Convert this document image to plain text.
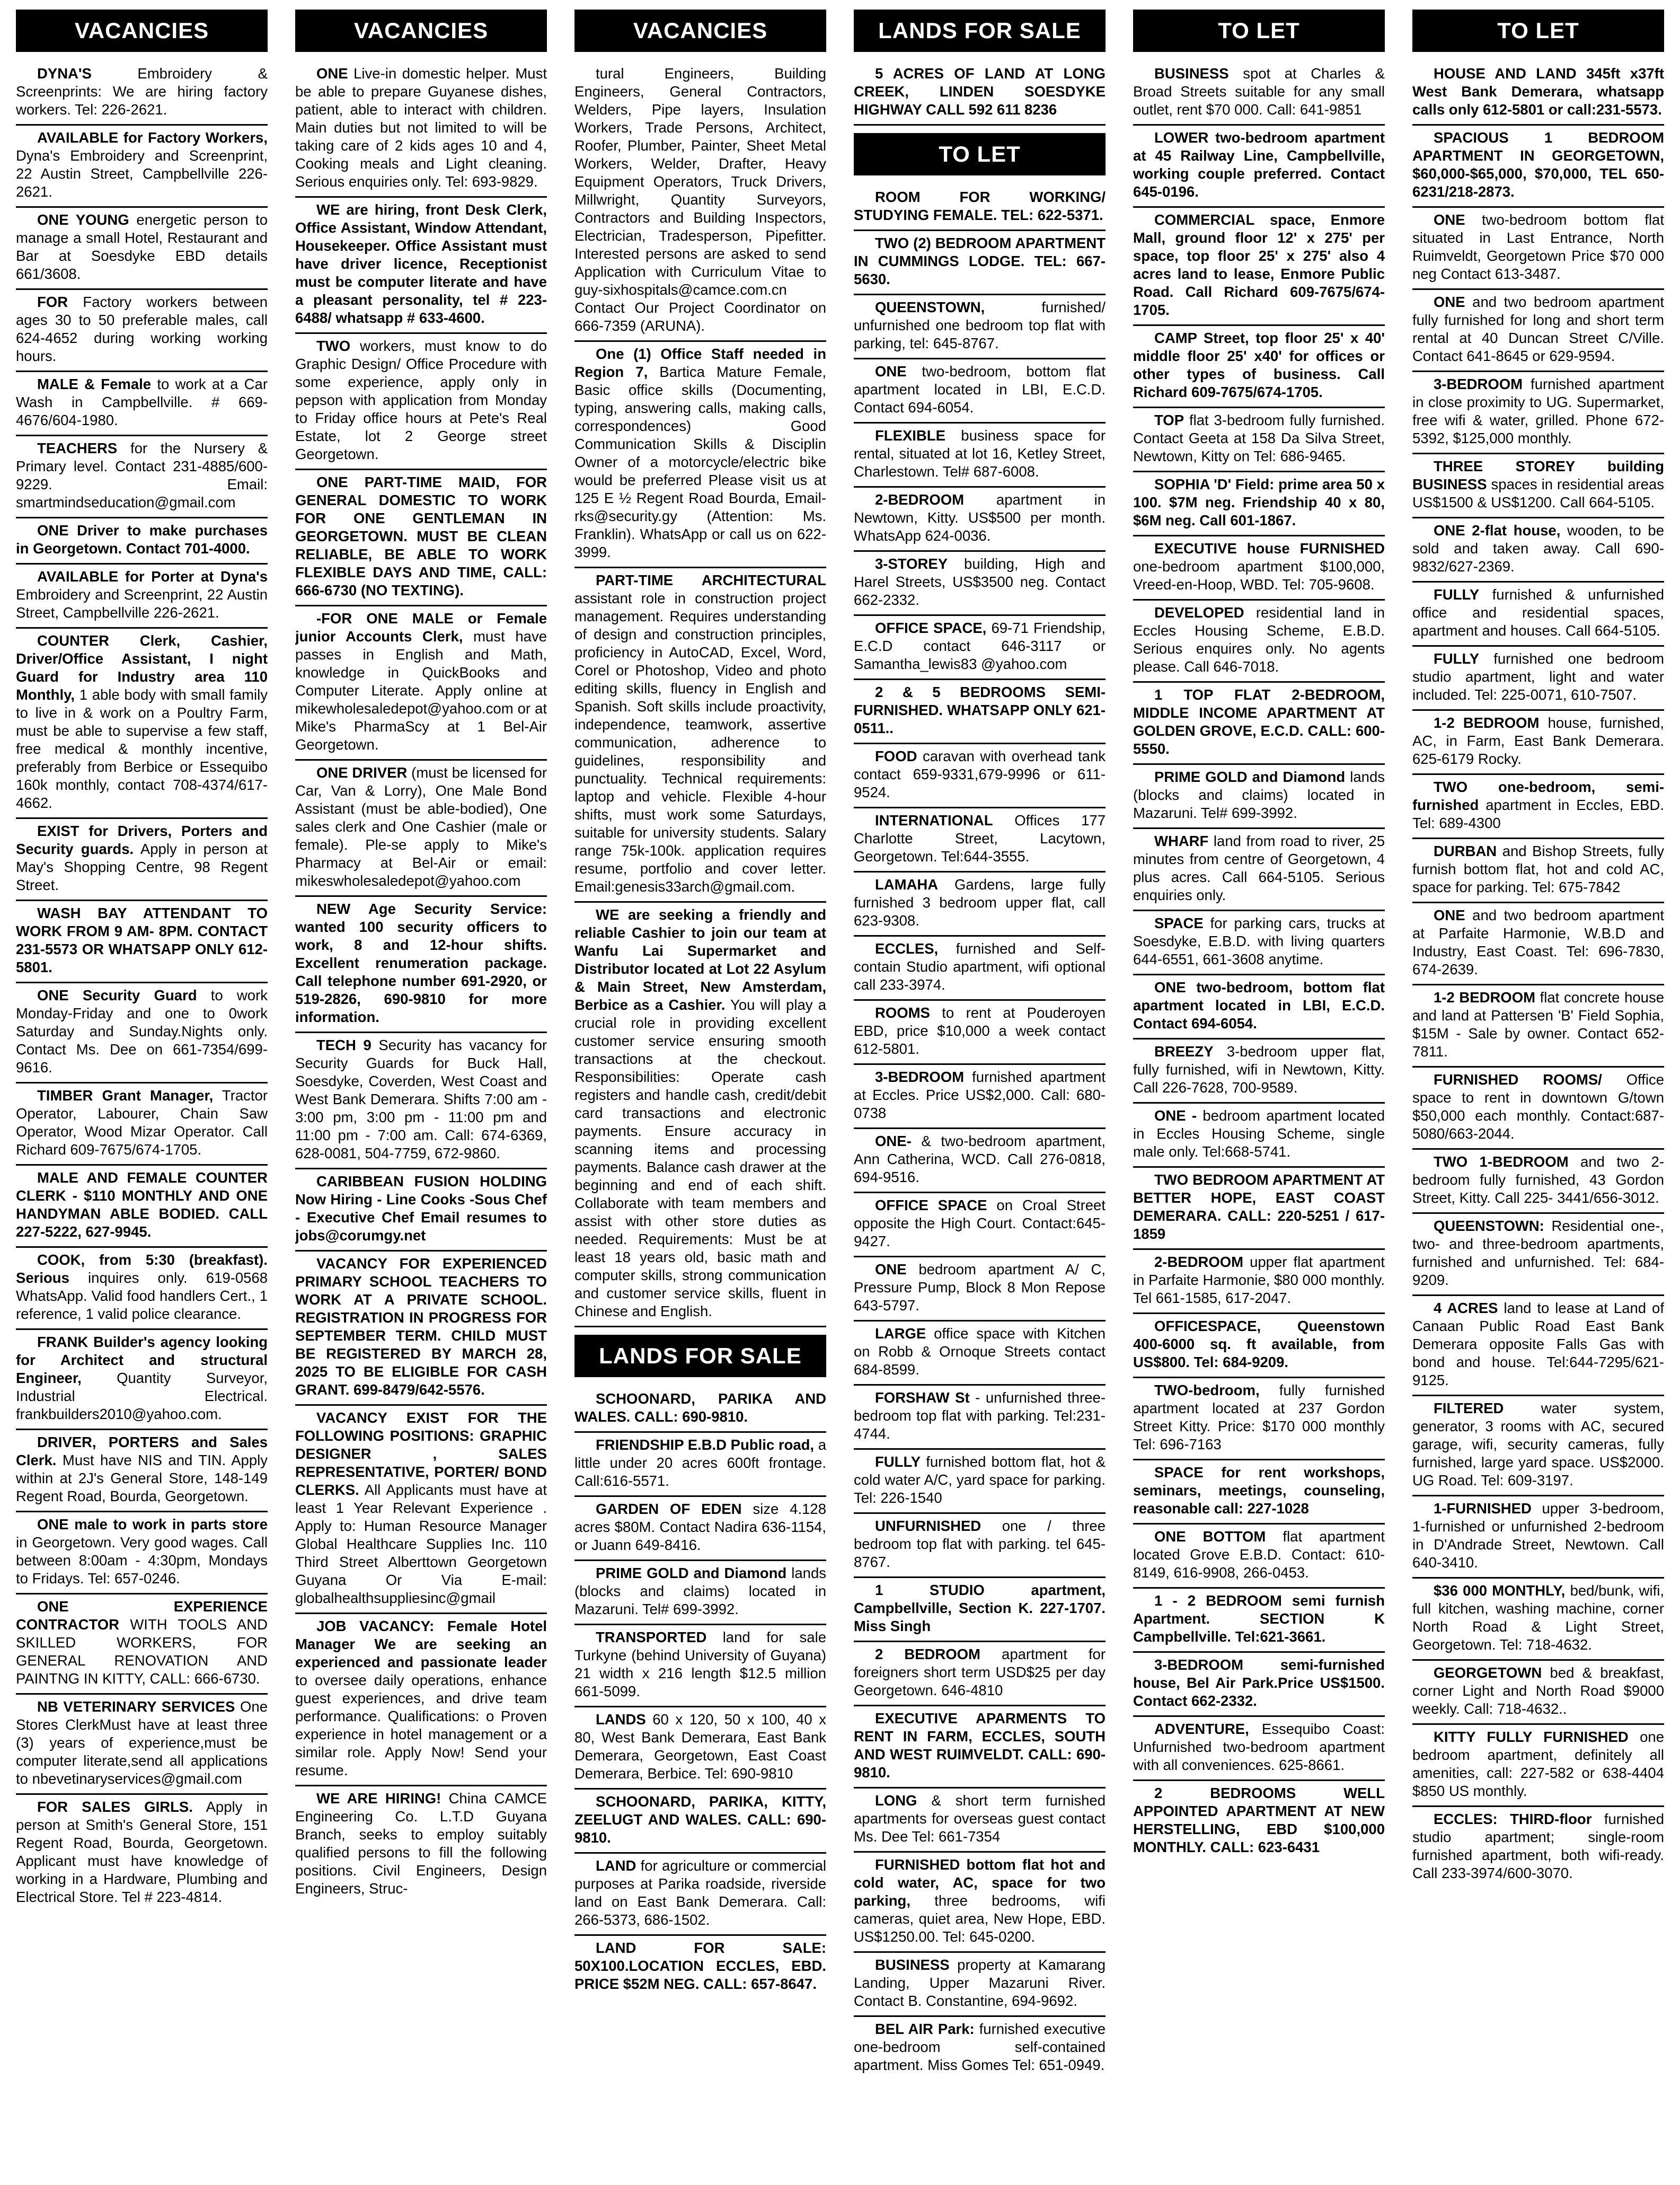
VACANCIES

DYNA'S Embroidery & Screenprints: We are hiring factory workers. Tel: 226-2621.

AVAILABLE for Factory Workers, Dyna's Embroidery and Screenprint, 22 Austin Street, Campbellville 226-2621.

ONE YOUNG energetic person to manage a small Hotel, Restaurant and Bar at Soesdyke EBD details 661/3608.

FOR Factory workers between ages 30 to 50 preferable males, call 624-4652 during working working hours.

MALE & Female to work at a Car Wash in Campbellville. # 669-4676/604-1980.

TEACHERS for the Nursery & Primary level. Contact 231-4885/600-9229. Email: smartmindseducation@gmail.com

ONE Driver to make purchases in Georgetown. Contact 701-4000.

AVAILABLE for Porter at Dyna's Embroidery and Screenprint, 22 Austin Street, Campbellville 226-2621.

COUNTER Clerk, Cashier, Driver/Office Assistant, I night Guard for Industry area 110 Monthly, 1 able body with small family to live in & work on a Poultry Farm, must be able to supervise a few staff, free medical & monthly incentive, preferably from Berbice or Essequibo 160k monthly, contact 708-4374/617-4662.

EXIST for Drivers, Porters and Security guards. Apply in person at May's Shopping Centre, 98 Regent Street.

WASH BAY ATTENDANT TO WORK FROM 9 AM- 8PM. CONTACT 231-5573 OR WHATSAPP ONLY 612-5801.

ONE Security Guard to work Monday-Friday and one to 0work Saturday and Sunday.Nights only. Contact Ms. Dee on 661-7354/699-9616.

TIMBER Grant Manager, Tractor Operator, Labourer, Chain Saw Operator, Wood Mizar Operator. Call Richard 609-7675/674-1705.

MALE AND FEMALE COUNTER CLERK - $110 MONTHLY AND ONE HANDYMAN ABLE BODIED. CALL 227-5222, 627-9945.

COOK, from 5:30 (breakfast). Serious inquires only. 619-0568 WhatsApp. Valid food handlers Cert., 1 reference, 1 valid police clearance.

FRANK Builder's agency looking for Architect and structural Engineer, Quantity Surveyor, Industrial Electrical. frankbuilders2010@yahoo.com.

DRIVER, PORTERS and Sales Clerk. Must have NIS and TIN. Apply within at 2J's General Store, 148-149 Regent Road, Bourda, Georgetown.

ONE male to work in parts store in Georgetown. Very good wages. Call between 8:00am - 4:30pm, Mondays to Fridays. Tel: 657-0246.

ONE EXPERIENCE CONTRACTOR WITH TOOLS AND SKILLED WORKERS, FOR GENERAL RENOVATION AND PAINTNG IN KITTY, CALL: 666-6730.

NB VETERINARY SERVICES One Stores ClerkMust have at least three (3) years of experience,must be computer literate,send all applications to nbevetinaryservices@gmail.com

FOR SALES GIRLS. Apply in person at Smith's General Store, 151 Regent Road, Bourda, Georgetown. Applicant must have knowledge of working in a Hardware, Plumbing and Electrical Store. Tel # 223-4814.

VACANCIES

ONE Live-in domestic helper. Must be able to prepare Guyanese dishes, patient, able to interact with children. Main duties but not limited to will be taking care of 2 kids ages 10 and 4, Cooking meals and Light cleaning. Serious enquiries only. Tel: 693-9829.

WE are hiring, front Desk Clerk, Office Assistant, Window Attendant, Housekeeper. Office Assistant must have driver licence, Receptionist must be computer literate and have a pleasant personality, tel # 223-6488/ whatsapp # 633-4600.

TWO workers, must know to do Graphic Design/ Office Procedure with some experience, apply only in pepson with application from Monday to Friday office hours at Pete's Real Estate, lot 2 George street Georgetown.

ONE PART-TIME MAID, FOR GENERAL DOMESTIC TO WORK FOR ONE GENTLEMAN IN GEORGETOWN. MUST BE CLEAN RELIABLE, BE ABLE TO WORK FLEXIBLE DAYS AND TIME, CALL: 666-6730 (NO TEXTING).

-FOR ONE MALE or Female junior Accounts Clerk, must have passes in English and Math, knowledge in QuickBooks and Computer Literate. Apply online at mikewholesaledepot@yahoo.com or at Mike's PharmaScy at 1 Bel-Air Georgetown.

ONE DRIVER (must be licensed for Car, Van & Lorry), One Male Bond Assistant (must be able-bodied), One sales clerk and One Cashier (male or female). Ple-se apply to Mike's Pharmacy at Bel-Air or email: mikeswholesaledepot@yahoo.com

NEW Age Security Service: wanted 100 security officers to work, 8 and 12-hour shifts. Excellent renumeration package. Call telephone number 691-2920, or 519-2826, 690-9810 for more information.

TECH 9 Security has vacancy for Security Guards for Buck Hall, Soesdyke, Coverden, West Coast and West Bank Demerara. Shifts 7:00 am - 3:00 pm, 3:00 pm - 11:00 pm and 11:00 pm - 7:00 am. Call: 674-6369, 628-0081, 504-7759, 672-9860.

CARIBBEAN FUSION HOLDING Now Hiring - Line Cooks -Sous Chef - Executive Chef Email resumes to jobs@corumgy.net

VACANCY FOR EXPERIENCED PRIMARY SCHOOL TEACHERS TO WORK AT A PRIVATE SCHOOL. REGISTRATION IN PROGRESS FOR SEPTEMBER TERM. CHILD MUST BE REGISTERED BY MARCH 28, 2025 TO BE ELIGIBLE FOR CASH GRANT. 699-8479/642-5576.

VACANCY EXIST FOR THE FOLLOWING POSITIONS: GRAPHIC DESIGNER , SALES REPRESENTATIVE, PORTER/ BOND CLERKS. All Applicants must have at least 1 Year Relevant Experience . Apply to: Human Resource Manager Global Healthcare Supplies Inc. 110 Third Street Alberttown Georgetown Guyana Or Via E-mail: globalhealthsuppliesinc@gmail

JOB VACANCY: Female Hotel Manager We are seeking an experienced and passionate leader to oversee daily operations, enhance guest experiences, and drive team performance. Qualifications: o Proven experience in hotel management or a similar role. Apply Now! Send your resume.

WE ARE HIRING! China CAMCE Engineering Co. L.T.D Guyana Branch, seeks to employ suitably qualified persons to fill the following positions. Civil Engineers, Design Engineers, Struc-

VACANCIES

tural Engineers, Building Engineers, General Contractors, Welders, Pipe layers, Insulation Workers, Trade Persons, Architect, Roofer, Plumber, Painter, Sheet Metal Workers, Welder, Drafter, Heavy Equipment Operators, Truck Drivers, Millwright, Quantity Surveyors, Contractors and Building Inspectors, Electrician, Tradesperson, Pipefitter. Interested persons are asked to send Application with Curriculum Vitae to guy-sixhospitals@camce.com.cn Contact Our Project Coordinator on 666-7359 (ARUNA).

One (1) Office Staff needed in Region 7, Bartica Mature Female, Basic office skills (Documenting, typing, answering calls, making calls, correspondences) Good Communication Skills & Disciplin Owner of a motorcycle/electric bike would be preferred Please visit us at 125 E ½ Regent Road Bourda, Email-rks@security.gy (Attention: Ms. Franklin). WhatsApp or call us on 622-3999.

PART-TIME ARCHITECTURAL assistant role in construction project management. Requires understanding of design and construction principles, proficiency in AutoCAD, Excel, Word, Corel or Photoshop, Video and photo editing skills, fluency in English and Spanish. Soft skills include proactivity, independence, teamwork, assertive communication, adherence to guidelines, responsibility and punctuality. Technical requirements: laptop and vehicle. Flexible 4-hour shifts, must work some Saturdays, suitable for university students. Salary range 75k-100k. application requires resume, portfolio and cover letter. Email:genesis33arch@gmail.com.

WE are seeking a friendly and reliable Cashier to join our team at Wanfu Lai Supermarket and Distributor located at Lot 22 Asylum & Main Street, New Amsterdam, Berbice as a Cashier. You will play a crucial role in providing excellent customer service ensuring smooth transactions at the checkout. Responsibilities: Operate cash registers and handle cash, credit/debit card transactions and electronic payments. Ensure accuracy in scanning items and processing payments. Balance cash drawer at the beginning and end of each shift. Collaborate with team members and assist with other store duties as needed. Requirements: Must be at least 18 years old, basic math and computer skills, strong communication and customer service skills, fluent in Chinese and English.

LANDS FOR SALE

SCHOONARD, PARIKA AND WALES. CALL: 690-9810.

FRIENDSHIP E.B.D Public road, a little under 20 acres 600ft frontage. Call:616-5571.

GARDEN OF EDEN size 4.128 acres $80M. Contact Nadira 636-1154, or Juann 649-8416.

PRIME GOLD and Diamond lands (blocks and claims) located in Mazaruni. Tel# 699-3992.

TRANSPORTED land for sale Turkyne (behind University of Guyana) 21 width x 216 length $12.5 million 661-5099.

LANDS 60 x 120, 50 x 100, 40 x 80, West Bank Demerara, East Bank Demerara, Georgetown, East Coast Demerara, Berbice. Tel: 690-9810

SCHOONARD, PARIKA, KITTY, ZEELUGT AND WALES. CALL: 690-9810.

LAND for agriculture or commercial purposes at Parika roadside, riverside land on East Bank Demerara. Call: 266-5373, 686-1502.

LAND FOR SALE: 50X100.LOCATION ECCLES, EBD. PRICE $52M NEG. CALL: 657-8647.

LANDS FOR SALE

5 ACRES OF LAND AT LONG CREEK, LINDEN SOESDYKE HIGHWAY CALL 592 611 8236

TO LET

ROOM FOR WORKING/ STUDYING FEMALE. TEL: 622-5371.

TWO (2) BEDROOM APARTMENT IN CUMMINGS LODGE. TEL: 667-5630.

QUEENSTOWN, furnished/ unfurnished one bedroom top flat with parking, tel: 645-8767.

ONE two-bedroom, bottom flat apartment located in LBI, E.C.D. Contact 694-6054.

FLEXIBLE business space for rental, situated at lot 16, Ketley Street, Charlestown. Tel# 687-6008.

2-BEDROOM apartment in Newtown, Kitty. US$500 per month. WhatsApp 624-0036.

3-STOREY building, High and Harel Streets, US$3500 neg. Contact 662-2332.

OFFICE SPACE, 69-71 Friendship, E.C.D contact 646-3117 or Samantha_lewis83 @yahoo.com

2 & 5 BEDROOMS SEMI-FURNISHED. WHATSAPP ONLY 621-0511..

FOOD caravan with overhead tank contact 659-9331,679-9996 or 611-9524.

INTERNATIONAL Offices 177 Charlotte Street, Lacytown, Georgetown. Tel:644-3555.

LAMAHA Gardens, large fully furnished 3 bedroom upper flat, call 623-9308.

ECCLES, furnished and Self-contain Studio apartment, wifi optional call 233-3974.

ROOMS to rent at Pouderoyen EBD, price $10,000 a week contact 612-5801.

3-BEDROOM furnished apartment at Eccles. Price US$2,000. Call: 680-0738

ONE- & two-bedroom apartment, Ann Catherina, WCD. Call 276-0818, 694-9516.

OFFICE SPACE on Croal Street opposite the High Court. Contact:645-9427.

ONE bedroom apartment A/ C, Pressure Pump, Block 8 Mon Repose 643-5797.

LARGE office space with Kitchen on Robb & Ornoque Streets contact 684-8599.

FORSHAW St - unfurnished three-bedroom top flat with parking. Tel:231-4744.

FULLY furnished bottom flat, hot & cold water A/C, yard space for parking. Tel: 226-1540

UNFURNISHED one / three bedroom top flat with parking. tel 645-8767.

1 STUDIO apartment, Campbellville, Section K. 227-1707. Miss Singh

2 BEDROOM apartment for foreigners short term USD$25 per day Georgetown. 646-4810

EXECUTIVE APARMENTS TO RENT IN FARM, ECCLES, SOUTH AND WEST RUIMVELDT. CALL: 690-9810.

LONG & short term furnished apartments for overseas guest contact Ms. Dee Tel: 661-7354

FURNISHED bottom flat hot and cold water, AC, space for two parking, three bedrooms, wifi cameras, quiet area, New Hope, EBD. US$1250.00. Tel: 645-0200.

BUSINESS property at Kamarang Landing, Upper Mazaruni River. Contact B. Constantine, 694-9692.

BEL AIR Park: furnished executive one-bedroom self-contained apartment. Miss Gomes Tel: 651-0949.

TO LET

BUSINESS spot at Charles & Broad Streets suitable for any small outlet, rent $70 000. Call: 641-9851

LOWER two-bedroom apartment at 45 Railway Line, Campbellville, working couple preferred. Contact 645-0196.

COMMERCIAL space, Enmore Mall, ground floor 12' x 275' per space, top floor 25' x 275' also 4 acres land to lease, Enmore Public Road. Call Richard 609-7675/674-1705.

CAMP Street, top floor 25' x 40' middle floor 25' x40' for offices or other types of business. Call Richard 609-7675/674-1705.

TOP flat 3-bedroom fully furnished. Contact Geeta at 158 Da Silva Street, Newtown, Kitty on Tel: 686-9465.

SOPHIA 'D' Field: prime area 50 x 100. $7M neg. Friendship 40 x 80, $6M neg. Call 601-1867.

EXECUTIVE house FURNISHED one-bedroom apartment $100,000, Vreed-en-Hoop, WBD. Tel: 705-9608.

DEVELOPED residential land in Eccles Housing Scheme, E.B.D. Serious enquires only. No agents please. Call 646-7018.

1 TOP FLAT 2-BEDROOM, MIDDLE INCOME APARTMENT AT GOLDEN GROVE, E.C.D. CALL: 600-5550.

PRIME GOLD and Diamond lands (blocks and claims) located in Mazaruni. Tel# 699-3992.

WHARF land from road to river, 25 minutes from centre of Georgetown, 4 plus acres. Call 664-5105. Serious enquiries only.

SPACE for parking cars, trucks at Soesdyke, E.B.D. with living quarters 644-6551, 661-3608 anytime.

ONE two-bedroom, bottom flat apartment located in LBI, E.C.D. Contact 694-6054.

BREEZY 3-bedroom upper flat, fully furnished, wifi in Newtown, Kitty. Call 226-7628, 700-9589.

ONE - bedroom apartment located in Eccles Housing Scheme, single male only. Tel:668-5741.

TWO BEDROOM APARTMENT AT BETTER HOPE, EAST COAST DEMERARA. CALL: 220-5251 / 617-1859

2-BEDROOM upper flat apartment in Parfaite Harmonie, $80 000 monthly. Tel 661-1585, 617-2047.

OFFICESPACE, Queenstown 400-6000 sq. ft available, from US$800. Tel: 684-9209.

TWO-bedroom, fully furnished apartment located at 237 Gordon Street Kitty. Price: $170 000 monthly Tel: 696-7163

SPACE for rent workshops, seminars, meetings, counseling, reasonable call: 227-1028

ONE BOTTOM flat apartment located Grove E.B.D. Contact: 610-8149, 616-9908, 266-0453.

1 - 2 BEDROOM semi furnish Apartment. SECTION K Campbellville. Tel:621-3661.

3-BEDROOM semi-furnished house, Bel Air Park.Price US$1500. Contact 662-2332.

ADVENTURE, Essequibo Coast: Unfurnished two-bedroom apartment with all conveniences. 625-8661.

2 BEDROOMS WELL APPOINTED APARTMENT AT NEW HERSTELLING, EBD $100,000 MONTHLY. CALL: 623-6431

TO LET

HOUSE AND LAND 345ft x37ft West Bank Demerara, whatsapp calls only 612-5801 or call:231-5573.

SPACIOUS 1 BEDROOM APARTMENT IN GEORGETOWN, $60,000-$65,000, $70,000, TEL 650-6231/218-2873.

ONE two-bedroom bottom flat situated in Last Entrance, North Ruimveldt, Georgetown Price $70 000 neg Contact 613-3487.

ONE and two bedroom apartment fully furnished for long and short term rental at 40 Duncan Street C/Ville. Contact 641-8645 or 629-9594.

3-BEDROOM furnished apartment in close proximity to UG. Supermarket, free wifi & water, grilled. Phone 672-5392, $125,000 monthly.

THREE STOREY building BUSINESS spaces in residential areas US$1500 & US$1200. Call 664-5105.

ONE 2-flat house, wooden, to be sold and taken away. Call 690-9832/627-2369.

FULLY furnished & unfurnished office and residential spaces, apartment and houses. Call 664-5105.

FULLY furnished one bedroom studio apartment, light and water included. Tel: 225-0071, 610-7507.

1-2 BEDROOM house, furnished, AC, in Farm, East Bank Demerara. 625-6179 Rocky.

TWO one-bedroom, semi-furnished apartment in Eccles, EBD. Tel: 689-4300

DURBAN and Bishop Streets, fully furnish bottom flat, hot and cold AC, space for parking. Tel: 675-7842

ONE and two bedroom apartment at Parfaite Harmonie, W.B.D and Industry, East Coast. Tel: 696-7830, 674-2639.

1-2 BEDROOM flat concrete house and land at Pattersen 'B' Field Sophia, $15M - Sale by owner. Contact 652-7811.

FURNISHED ROOMS/ Office space to rent in downtown G/town $50,000 each monthly. Contact:687-5080/663-2044.

TWO 1-BEDROOM and two 2-bedroom fully furnished, 43 Gordon Street, Kitty. Call 225- 3441/656-3012.

QUEENSTOWN: Residential one-, two- and three-bedroom apartments, furnished and unfurnished. Tel: 684-9209.

4 ACRES land to lease at Land of Canaan Public Road East Bank Demerara opposite Falls Gas with bond and house. Tel:644-7295/621-9125.

FILTERED water system, generator, 3 rooms with AC, secured garage, wifi, security cameras, fully furnished, large yard space. US$2000. UG Road. Tel: 609-3197.

1-FURNISHED upper 3-bedroom, 1-furnished or unfurnished 2-bedroom in D'Andrade Street, Newtown. Call 640-3410.

$36 000 MONTHLY, bed/bunk, wifi, full kitchen, washing machine, corner North Road & Light Street, Georgetown. Tel: 718-4632.

GEORGETOWN bed & breakfast, corner Light and North Road $9000 weekly. Call: 718-4632..

KITTY FULLY FURNISHED one bedroom apartment, definitely all amenities, call: 227-582 or 638-4404 $850 US monthly.

ECCLES: THIRD-floor furnished studio apartment; single-room furnished apartment, both wifi-ready. Call 233-3974/600-3070.
